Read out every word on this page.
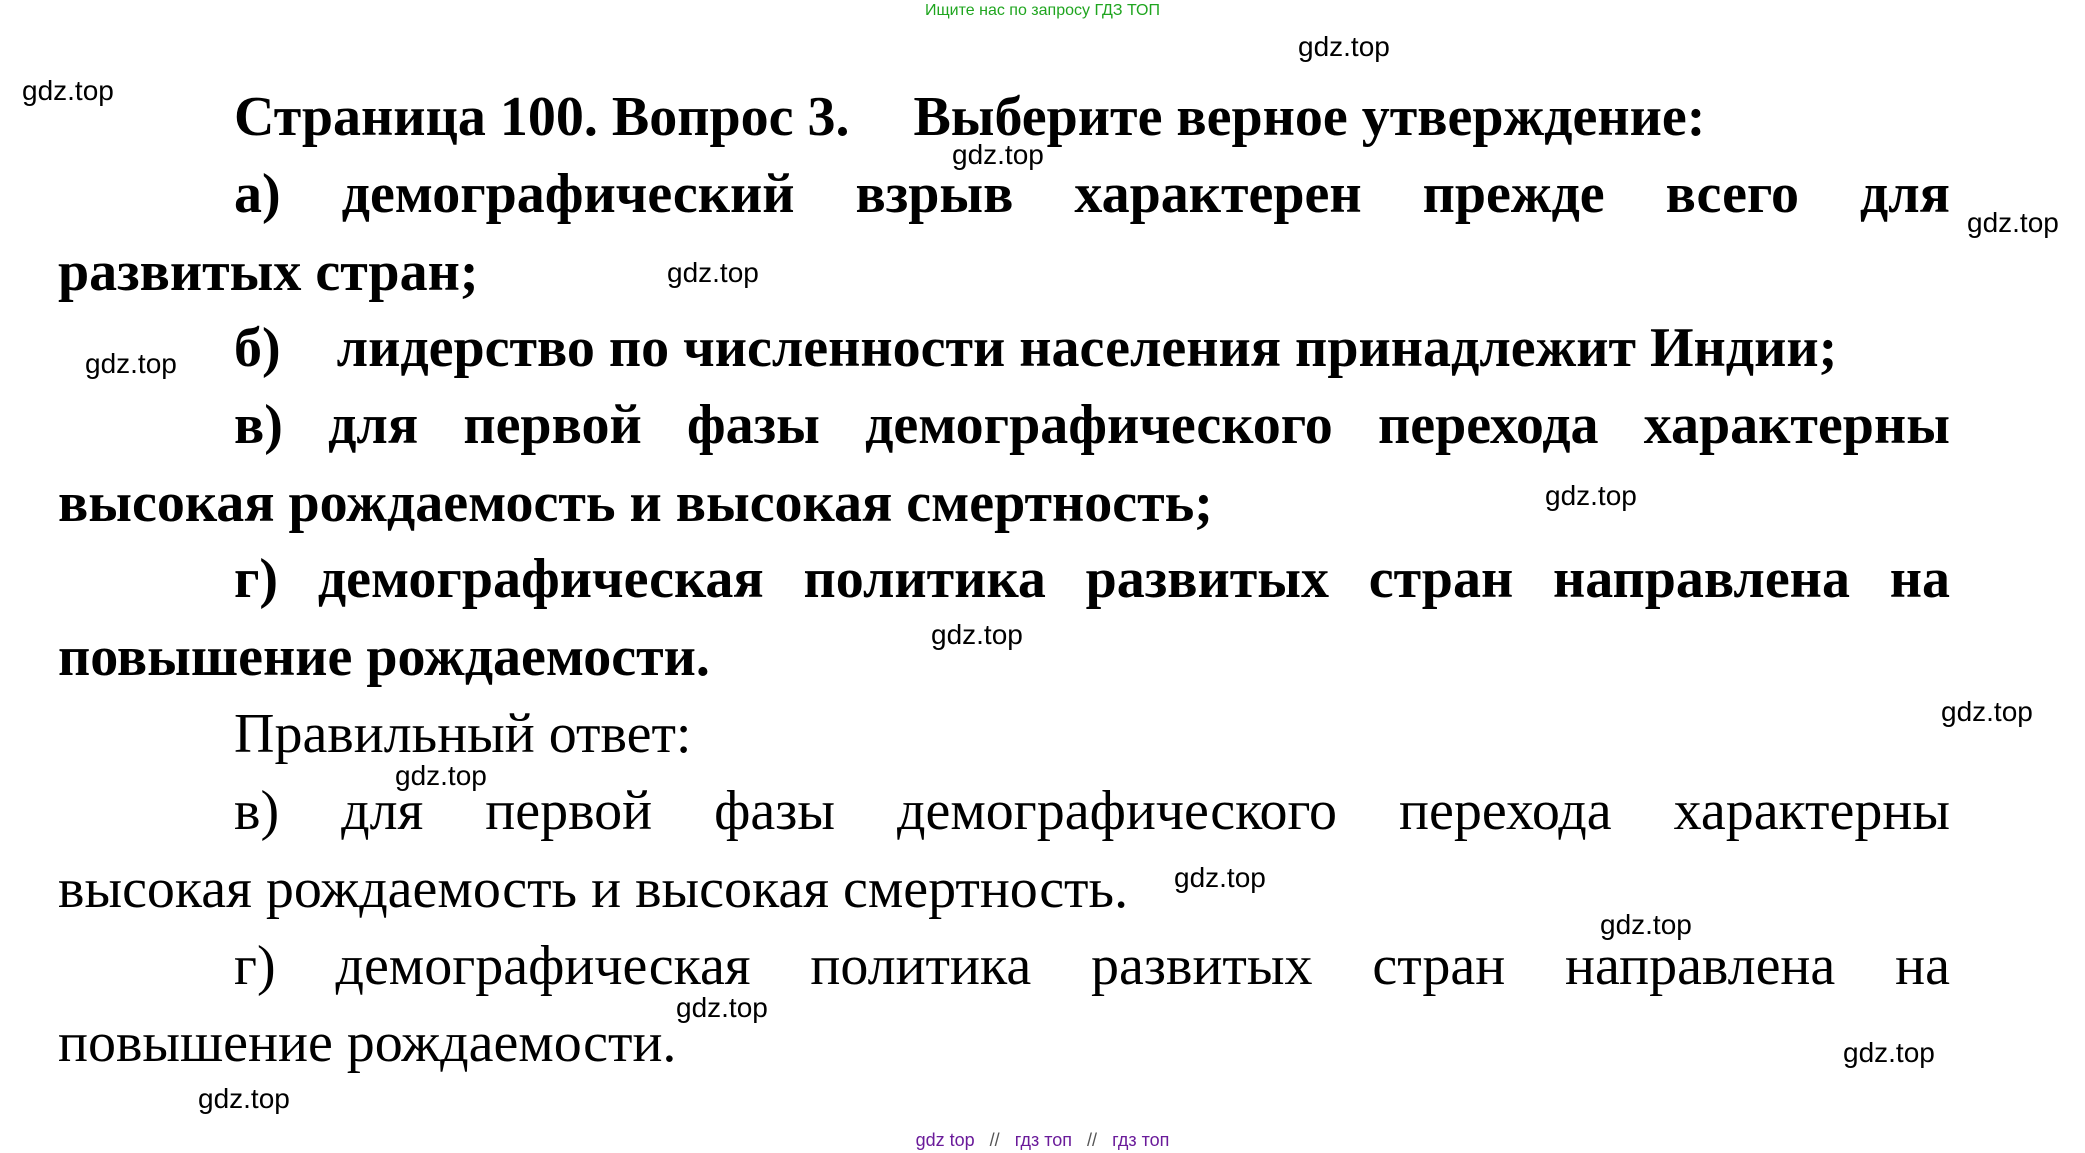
Ищите нас по запросу ГДЗ ТОП
gdz.top
gdz.top
gdz.top
gdz.top
gdz.top
gdz.top
gdz.top
gdz.top
gdz.top
gdz.top
gdz.top
gdz.top
gdz.top
gdz.top
gdz.top
Страница 100. Вопрос 3. Выберите верное утверждение:
а) демографический взрыв характерен прежде всего для
развитых стран;
б)    лидерство по численности населения принадлежит Индии;
в) для первой фазы демографического перехода характерны
высокая рождаемость и высокая смертность;
г) демографическая политика развитых стран направлена на
повышение рождаемости.
Правильный ответ:
в) для первой фазы демографического перехода характерны
высокая рождаемость и высокая смертность.
г) демографическая политика развитых стран направлена на
повышение рождаемости.
gdz top // гдз топ // гдз топ
